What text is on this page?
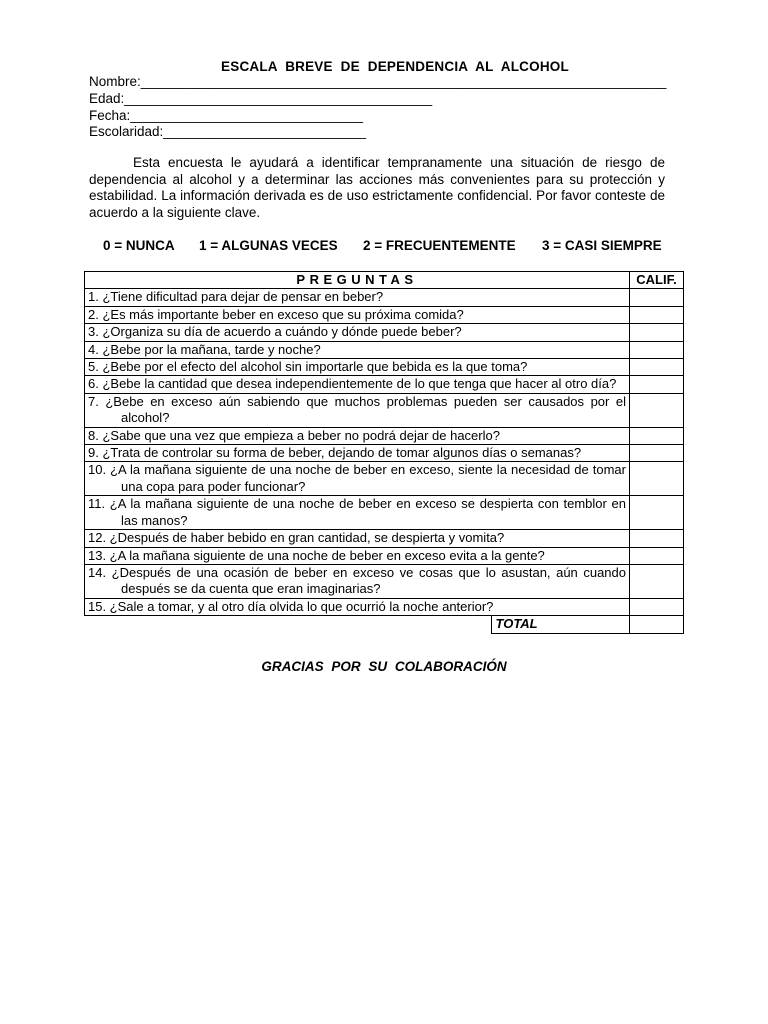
ESCALA BREVE DE DEPENDENCIA AL ALCOHOL
Nombre:______________________________________________________________________
Edad:_________________________________________
Fecha:_______________________________
Escolaridad:___________________________
Esta encuesta le ayudará a identificar tempranamente una situación de riesgo de dependencia al alcohol y a determinar las acciones más convenientes para su protección y estabilidad. La información derivada es de uso estrictamente confidencial. Por favor conteste de acuerdo a la siguiente clave.
0 = NUNCA 1 = ALGUNAS VECES 2 = FRECUENTEMENTE 3 = CASI SIEMPRE
PREGUNTAS		CALIF.

1. ¿Tiene dificultad para dejar de pensar en beber?		

2. ¿Es más importante beber en exceso que su próxima comida?		

3. ¿Organiza su día de acuerdo a cuándo y dónde puede beber?		

4. ¿Bebe por la mañana, tarde y noche?		

5. ¿Bebe por el efecto del alcohol sin importarle que bebida es la que toma?		

6. ¿Bebe la cantidad que desea independientemente de lo que tenga que hacer al otro día?		

7. ¿Bebe en exceso aún sabiendo que muchos problemas pueden ser causados por el alcohol?		

8. ¿Sabe que una vez que empieza a beber no podrá dejar de hacerlo?		

9. ¿Trata de controlar su forma de beber, dejando de tomar algunos días o semanas?		

10. ¿A la mañana siguiente de una noche de beber en exceso, siente la necesidad de tomar una copa para poder funcionar?		

11. ¿A la mañana siguiente de una noche de beber en exceso se despierta con temblor en las manos?		

12. ¿Después de haber bebido en gran cantidad, se despierta y vomita?		

13. ¿A la mañana siguiente de una noche de beber en exceso evita a la gente?		

14. ¿Después de una ocasión de beber en exceso ve cosas que lo asustan, aún cuando después se da cuenta que eran imaginarias?		

15. ¿Sale a tomar, y al otro día olvida lo que ocurrió la noche anterior?		

	TOTAL	
GRACIAS POR SU COLABORACIÓN
